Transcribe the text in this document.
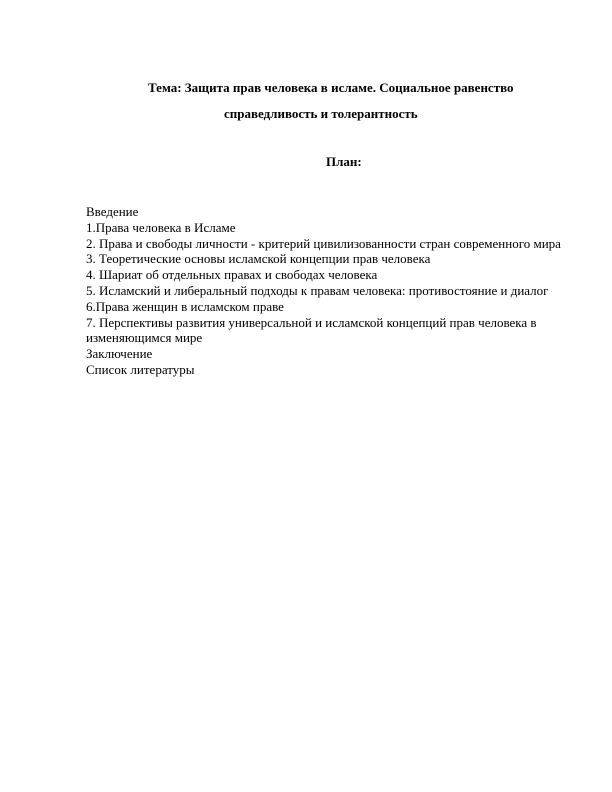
Тема: Защита прав человека в исламе. Социальное равенство
справедливость и толерантность
План:
Введение
1.Права человека в Исламе
2. Права и свободы личности - критерий цивилизованности стран современного мира
3. Теоретические основы исламской концепции прав человека
4. Шариат об отдельных правах и свободах человека
5. Исламский и либеральный подходы к правам человека: противостояние и диалог
6.Права женщин в исламском праве
7. Перспективы развития универсальной и исламской концепций прав человека в изменяющимся мире
Заключение
Список литературы
